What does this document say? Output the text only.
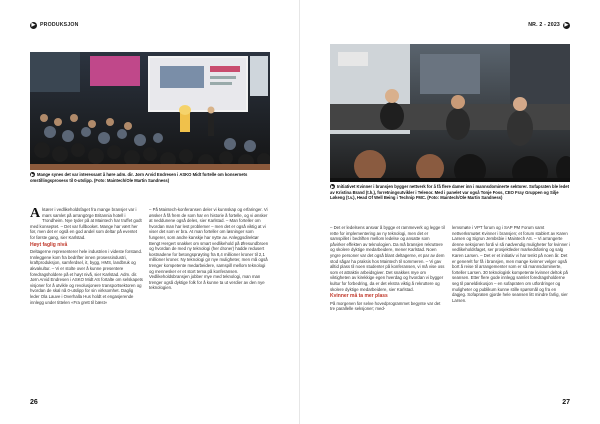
▶ PRODUKSJON
▶ Mange synes det var interessant å høre adm. dir. Jørn Arvid Endresen i ASKO Midt fortelle om konsernets omstillingsprosess til 0-utslipp. (Foto: Maintech/Ole Martin Sandness)

A ktører i vedlikeholdsfaget fra mange bransjer var i mars samlet på arrangörge Britannia hotell i Trondheim. Nye tyder på at Maintech har truffet godt med konseptet. – Det var fullbooket. Mange har vært her før, men det er også en god andel som deltar på eventet for første gang, sier Karlstad.

Høyt faglig nivå

Deltagerne representerer hele industrien i videste forstand. Innleggene kom fra bedrifter innen prosessindustri, kraftproduksjon, samferdsel, it, bygg, HMS, landbruk og akvakultur. – Vi er stolte over å kunne presentere foredragsholdere på et høyt nivå, sier Karlstad. Adm. dir. Jørn Arvid Endresen i ASKO Midt AS fortalte om selskapets visjoner for å utvikle og revolusjonere transportsektoren og hvordan de skal nå 0-utslipp for sin virksomhet. Daglig leder Ola Lauve i Overhalla Hus holdt et engasjerende innlegg under tittelen «Fra grett til bæst»

– På Maintech-konferansen deler vi kunnskap og erfaringer. Vi ønsker å få frem de som har en historie å fortelle, og vi ønsker at neddunene også deles, sier Karlstad. – Man forteller om hvordan man har lest problemer – men det er også viktig at vi viser det som er bra. At man forteller om løsninger som fungerer, som andre kanskje har nytte av. Anleggsdirektør Bengt Hergert snakket om smart vedlikehold på Øresundbroen og hvordan de med ny teknologi (her droner) hadde redusert kostnadene for betongsprøyting fra 8,4 millioner kroner til 2,1 millioner kroner. Ny teknologi gir nye muligheter, men må også trenger kompetente medarbeidere, samspill mellom teknologi og mennesker er et stort tema på konferansen. Vedlikeholdsbransjen jobber mye med teknologi, man man trenger også dyktige folk for å kunne ta ut verdier av den nye teknologien.

26
NR. 2 - 2023 ▶
▶ Initiativet Kvinner i bransjen bygger nettverk for å få flere damer inn i mannsdominerte sektorer. Sofapraten ble ledet av Kristina Brand (t.h.), forretningsutvikler i Telenor. Med i panelet var også Tonje Foss, CEO Fray Gruppen og Silje Løkeng (t.v.), Head Of Well Being i Technip FMC. (Foto: Maintech/Ole Martin Sandness)

– Det er ledelsens ansvar å bygge et rammeverk og legge til rette for implementering av ny teknologi, men det er samspillet i bedriften mellom ledelse og ansatte som påvirker effekten av teknologien. Da må bransjen rekruttere og skolere dyktige medarbeidere, mener Karlstad. Noen yngre personer var det også blant deltagerne, et par av dem stod sågar ha praksis hos Maintech til sommeren. – Vi gav alltid plass til noen studenter på konferansen, vi må vise oss som et attraktiv arbeidsgiver. Det snakkes mye om viktigheten av kirekkige egen hverdag og hvordan vi bygger kultur for forbedring, da er det ekstra viktig å rekruttere og skolere dyktige medarbeidere, sier Karlstad.

Kvinner må ta mer plass

På morgenen før selve hovedprogrammet begynte var det tre parallelle seksjoner; med-

lemsmøte i VPT forum og i SAP PM Forum samt nettverksmøtet Kvinner i bransjen; et forum stablert av Karen Larsen og Sigrun Jembsbie i Maintech AS. – Vi arrangerte denne seksjonen fordi vi så nødvendig muligheter for kvinner i vedlikeholdsfaget, ser prosjektleder markedsføring og salg Karen Larsen. – Det er et initiativ vi har tenkt på noen år. Det er generelt for få i bransjen, men mange kvinner velger også bort å reise til arrangementer som er så mannsdominerte, forteller Larsen. 30 teknologisk kompetente kvinner deltok på seansen. Etter flere gode innlegg samlet foredragsholderne seg til paneldiskusjon – en sofapraten om utfordringer og muligheter og publikum kunne stille spørsmål og fra en dagjeg. Sofapraten gjorde hele seansen litt mindre farlig, sier Larsen.

27
